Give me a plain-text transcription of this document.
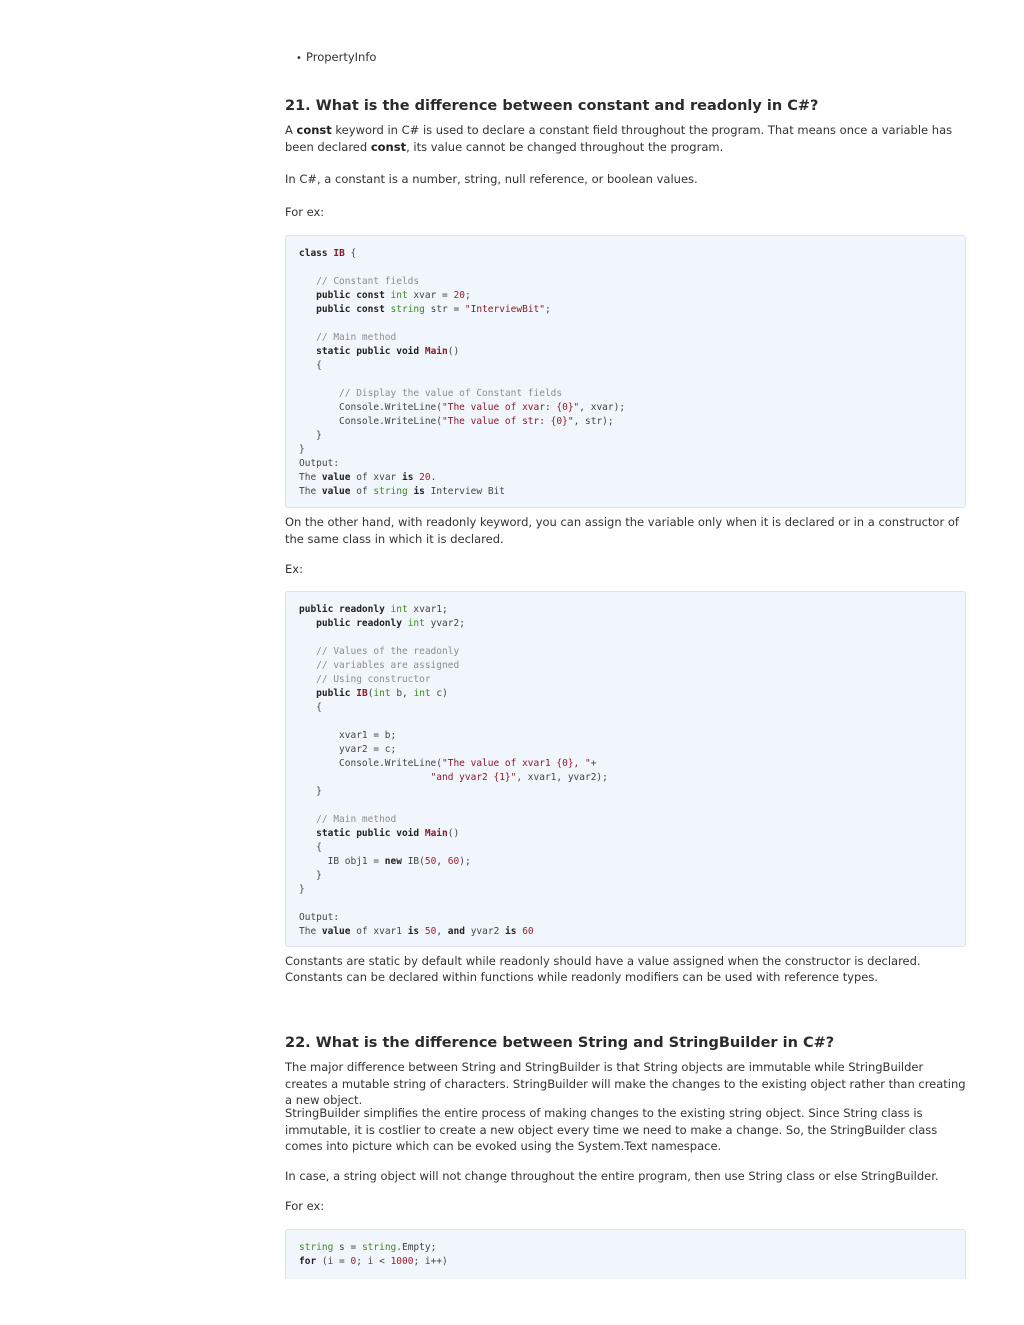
• PropertyInfo
21. What is the difference between constant and readonly in C#?

A const keyword in C# is used to declare a constant field throughout the program. That means once a variable has been declared const, its value cannot be changed throughout the program.

In C#, a constant is a number, string, null reference, or boolean values.

For ex:

class IB {

// Constant fields
public const int xvar = 20;
public const string str = "InterviewBit";

// Main method
static public void Main()
{

// Display the value of Constant fields
Console.WriteLine("The value of xvar: {0}", xvar);
Console.WriteLine("The value of str: {0}", str);
}
}
Output:
The value of xvar is 20.
The value of string is Interview Bit

On the other hand, with readonly keyword, you can assign the variable only when it is declared or in a constructor of the same class in which it is declared.

Ex:

public readonly int xvar1;
public readonly int yvar2;

// Values of the readonly
// variables are assigned
// Using constructor
public IB(int b, int c)
{

xvar1 = b;
yvar2 = c;
Console.WriteLine("The value of xvar1 {0}, "+
"and yvar2 {1}", xvar1, yvar2);
}

// Main method
static public void Main()
{
IB obj1 = new IB(50, 60);
}
}

Output:
The value of xvar1 is 50, and yvar2 is 60

Constants are static by default while readonly should have a value assigned when the constructor is declared.

Constants can be declared within functions while readonly modifiers can be used with reference types.

22. What is the difference between String and StringBuilder in C#?

The major difference between String and StringBuilder is that String objects are immutable while StringBuilder creates a mutable string of characters. StringBuilder will make the changes to the existing object rather than creating a new object.

StringBuilder simplifies the entire process of making changes to the existing string object. Since String class is immutable, it is costlier to create a new object every time we need to make a change. So, the StringBuilder class comes into picture which can be evoked using the System.Text namespace.

In case, a string object will not change throughout the entire program, then use String class or else StringBuilder.

For ex:

string s = string.Empty;
for (i = 0; i < 1000; i++)
